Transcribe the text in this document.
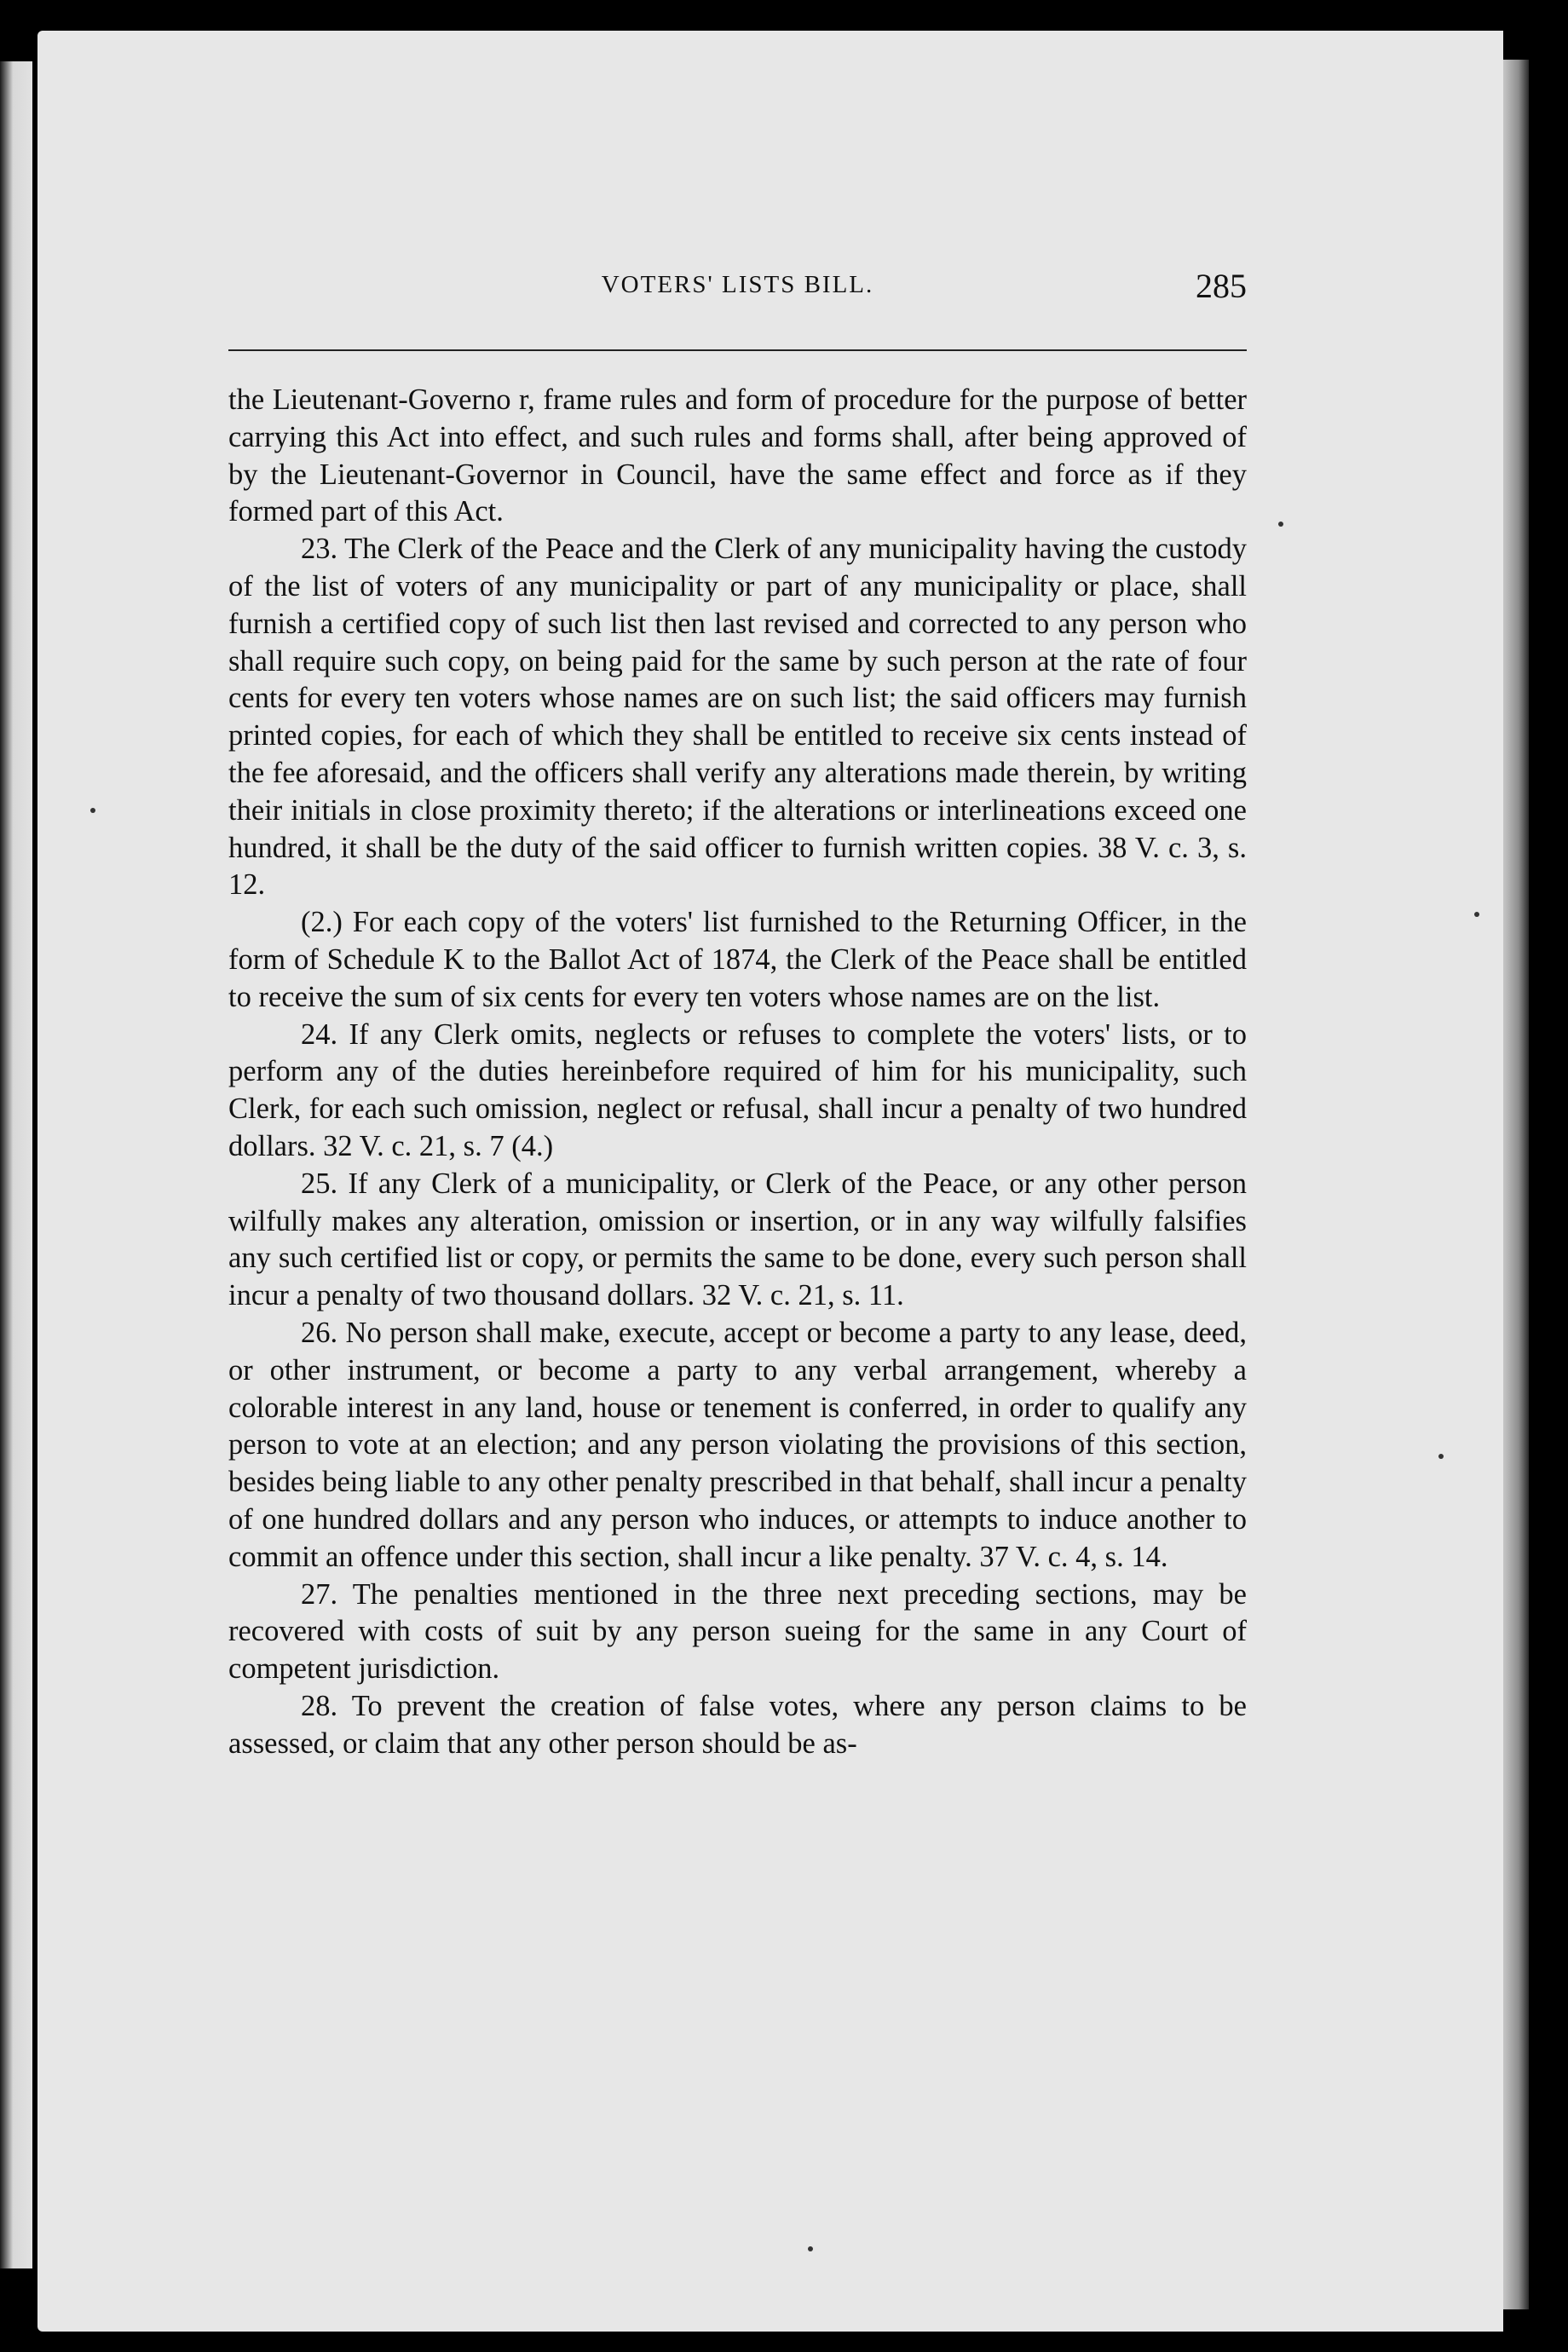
VOTERS' LISTS BILL.	285

the Lieutenant-Governo r, frame rules and form of procedure for the purpose of better carrying this Act into effect, and such rules and forms shall, after being approved of by the Lieutenant-Governor in Council, have the same effect and force as if they formed part of this Act.

23. The Clerk of the Peace and the Clerk of any municipality having the custody of the list of voters of any municipality or part of any municipality or place, shall furnish a certified copy of such list then last revised and corrected to any person who shall require such copy, on being paid for the same by such person at the rate of four cents for every ten voters whose names are on such list; the said officers may furnish printed copies, for each of which they shall be entitled to receive six cents instead of the fee aforesaid, and the officers shall verify any alterations made therein, by writing their initials in close proximity thereto; if the alterations or interlineations exceed one hundred, it shall be the duty of the said officer to furnish written copies. 38 V. c. 3, s. 12.

(2.) For each copy of the voters' list furnished to the Returning Officer, in the form of Schedule K to the Ballot Act of 1874, the Clerk of the Peace shall be entitled to receive the sum of six cents for every ten voters whose names are on the list.

24. If any Clerk omits, neglects or refuses to complete the voters' lists, or to perform any of the duties hereinbefore required of him for his municipality, such Clerk, for each such omission, neglect or refusal, shall incur a penalty of two hundred dollars. 32 V. c. 21, s. 7 (4.)

25. If any Clerk of a municipality, or Clerk of the Peace, or any other person wilfully makes any alteration, omission or insertion, or in any way wilfully falsifies any such certified list or copy, or permits the same to be done, every such person shall incur a penalty of two thousand dollars. 32 V. c. 21, s. 11.

26. No person shall make, execute, accept or become a party to any lease, deed, or other instrument, or become a party to any verbal arrangement, whereby a colorable interest in any land, house or tenement is conferred, in order to qualify any person to vote at an election; and any person violating the provisions of this section, besides being liable to any other penalty prescribed in that behalf, shall incur a penalty of one hundred dollars and any person who induces, or attempts to induce another to commit an offence under this section, shall incur a like penalty. 37 V. c. 4, s. 14.

27. The penalties mentioned in the three next preceding sections, may be recovered with costs of suit by any person sueing for the same in any Court of competent jurisdiction.

28. To prevent the creation of false votes, where any person claims to be assessed, or claim that any other person should be as-
